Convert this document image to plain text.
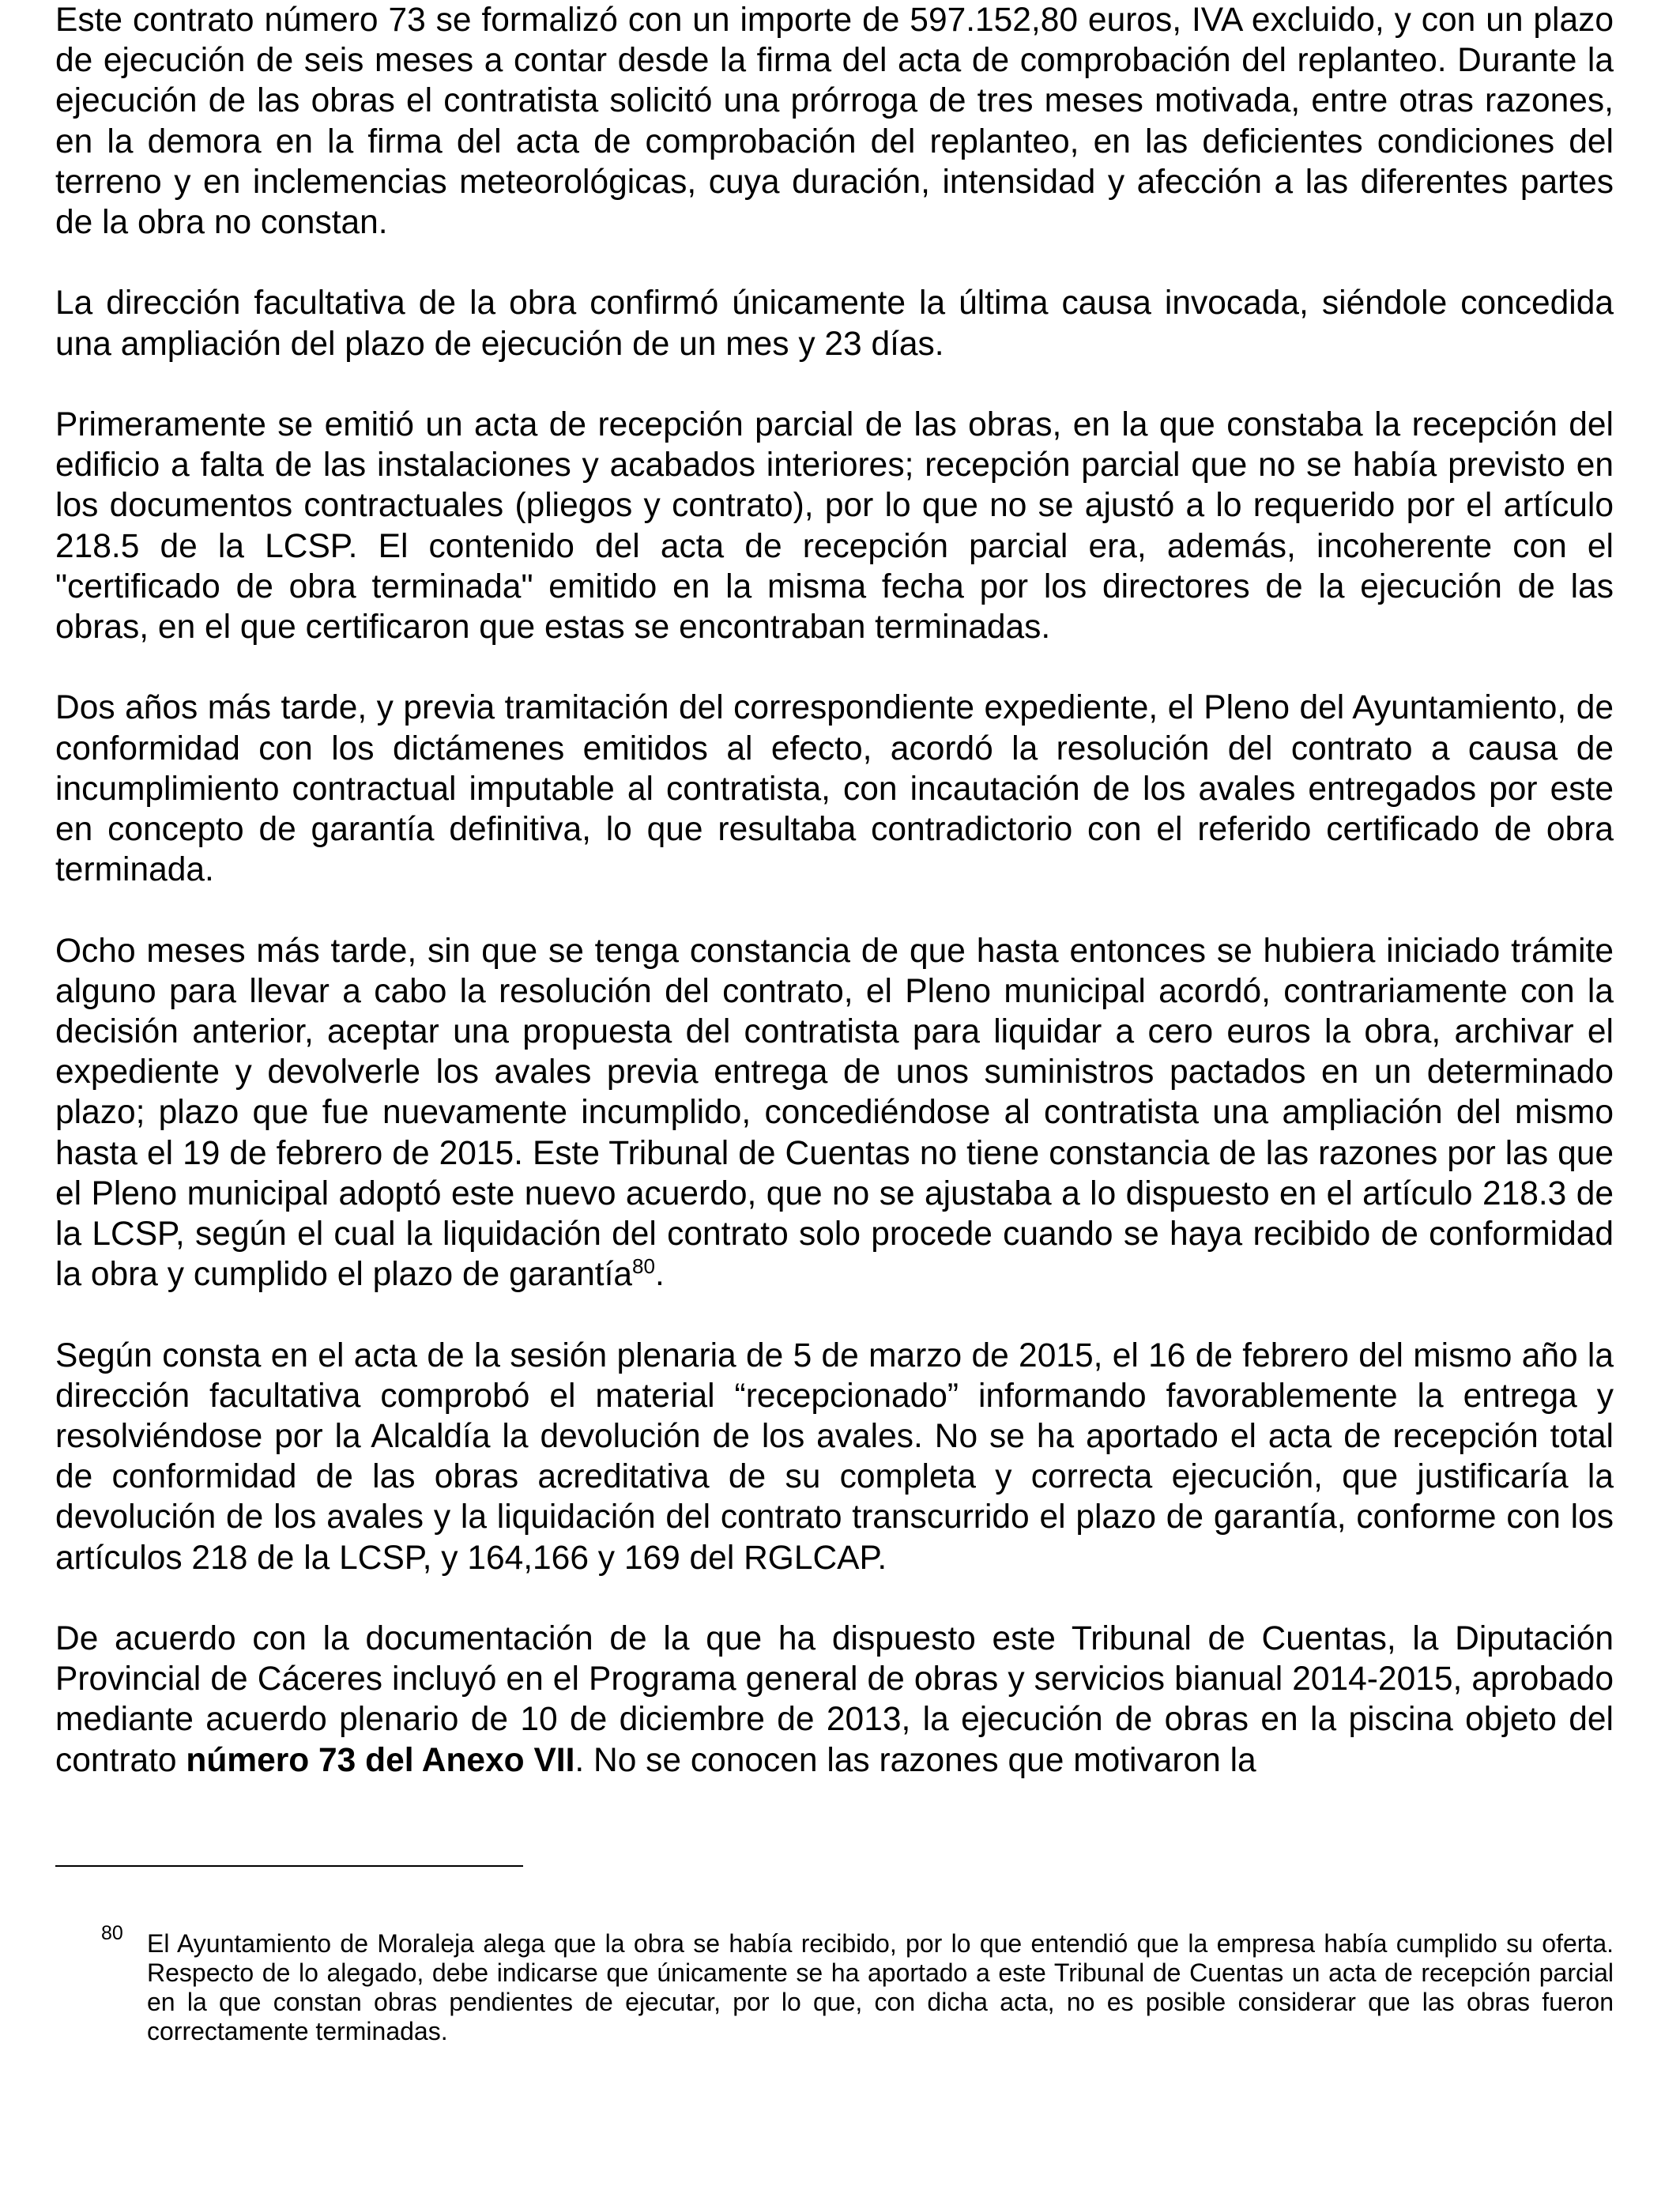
Este contrato número 73 se formalizó con un importe de 597.152,80 euros, IVA excluido, y con un plazo de ejecución de seis meses a contar desde la firma del acta de comprobación del replanteo. Durante la ejecución de las obras el contratista solicitó una prórroga de tres meses motivada, entre otras razones, en la demora en la firma del acta de comprobación del replanteo, en las deficientes condiciones del terreno y en inclemencias meteorológicas, cuya duración, intensidad y afección a las diferentes partes de la obra no constan.

La dirección facultativa de la obra confirmó únicamente la última causa invocada, siéndole concedida una ampliación del plazo de ejecución de un mes y 23 días.

Primeramente se emitió un acta de recepción parcial de las obras, en la que constaba la recepción del edificio a falta de las instalaciones y acabados interiores; recepción parcial que no se había previsto en los documentos contractuales (pliegos y contrato), por lo que no se ajustó a lo requerido por el artículo 218.5 de la LCSP. El contenido del acta de recepción parcial era, además, incoherente con el "certificado de obra terminada" emitido en la misma fecha por los directores de la ejecución de las obras, en el que certificaron que estas se encontraban terminadas.

Dos años más tarde, y previa tramitación del correspondiente expediente, el Pleno del Ayuntamiento, de conformidad con los dictámenes emitidos al efecto, acordó la resolución del contrato a causa de incumplimiento contractual imputable al contratista, con incautación de los avales entregados por este en concepto de garantía definitiva, lo que resultaba contradictorio con el referido certificado de obra terminada.

Ocho meses más tarde, sin que se tenga constancia de que hasta entonces se hubiera iniciado trámite alguno para llevar a cabo la resolución del contrato, el Pleno municipal acordó, contrariamente con la decisión anterior, aceptar una propuesta del contratista para liquidar a cero euros la obra, archivar el expediente y devolverle los avales previa entrega de unos suministros pactados en un determinado plazo; plazo que fue nuevamente incumplido, concediéndose al contratista una ampliación del mismo hasta el 19 de febrero de 2015. Este Tribunal de Cuentas no tiene constancia de las razones por las que el Pleno municipal adoptó este nuevo acuerdo, que no se ajustaba a lo dispuesto en el artículo 218.3 de la LCSP, según el cual la liquidación del contrato solo procede cuando se haya recibido de conformidad la obra y cumplido el plazo de garantía$^{80}$.

Según consta en el acta de la sesión plenaria de 5 de marzo de 2015, el 16 de febrero del mismo año la dirección facultativa comprobó el material “recepcionado” informando favorablemente la entrega y resolviéndose por la Alcaldía la devolución de los avales. No se ha aportado el acta de recepción total de conformidad de las obras acreditativa de su completa y correcta ejecución, que justificaría la devolución de los avales y la liquidación del contrato transcurrido el plazo de garantía, conforme con los artículos 218 de la LCSP, y 164,166 y 169 del RGLCAP.

De acuerdo con la documentación de la que ha dispuesto este Tribunal de Cuentas, la Diputación Provincial de Cáceres incluyó en el Programa general de obras y servicios bianual 2014-2015, aprobado mediante acuerdo plenario de 10 de diciembre de 2013, la ejecución de obras en la piscina objeto del contrato número 73 del Anexo VII. No se conocen las razones que motivaron la

80 El Ayuntamiento de Moraleja alega que la obra se había recibido, por lo que entendió que la empresa había cumplido su oferta. Respecto de lo alegado, debe indicarse que únicamente se ha aportado a este Tribunal de Cuentas un acta de recepción parcial en la que constan obras pendientes de ejecutar, por lo que, con dicha acta, no es posible considerar que las obras fueron correctamente terminadas.
